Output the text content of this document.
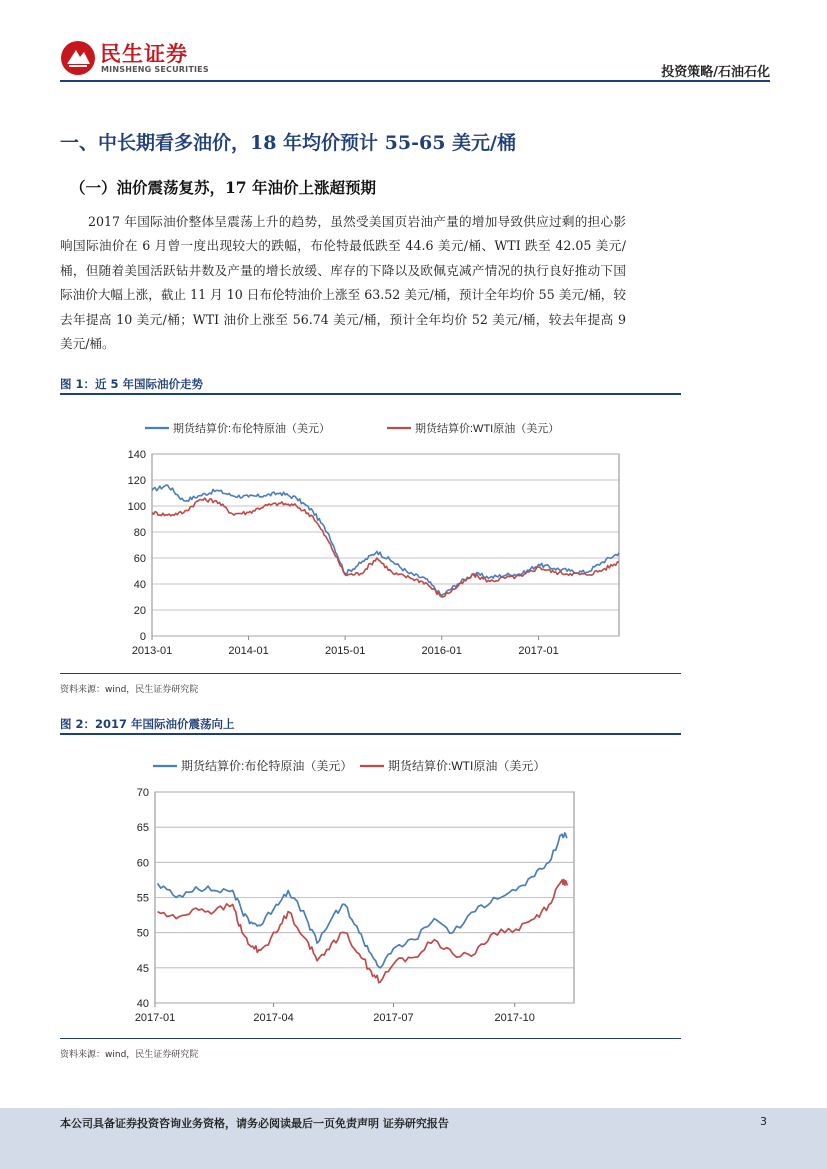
民生证券
MINSHENG SECURITIES	投资策略/石油石化
一、中长期看多油价，18 年均价预计 55-65 美元/桶
（一）油价震荡复苏，17 年油价上涨超预期

2017 年国际油价整体呈震荡上升的趋势，虽然受美国页岩油产量的增加导致供应过剩的担心影响国际油价在 6 月曾一度出现较大的跌幅，布伦特最低跌至 44.6 美元/桶、WTI 跌至 42.05 美元/桶，但随着美国活跃钻井数及产量的增长放缓、库存的下降以及欧佩克减产情况的执行良好推动下国际油价大幅上涨，截止 11 月 10 日布伦特油价上涨至 63.52 美元/桶，预计全年均价 55 美元/桶，较去年提高 10 美元/桶；WTI 油价上涨至 56.74 美元/桶，预计全年均价 52 美元/桶，较去年提高 9 美元/桶。

图 1：近 5 年国际油价走势
0
20
40
60
80
100
120
140
2013-01	2014-01	2015-01	2016-01	2017-01
期货结算价:布伦特原油（美元）	期货结算价:WTI原油（美元）
资料来源：wind，民生证券研究院
图 2：2017 年国际油价震荡向上
40
45
50
55
60
65
70
2017-01	2017-04	2017-07	2017-10
期货结算价:布伦特原油（美元）	期货结算价:WTI原油（美元）
资料来源：wind，民生证券研究院
本公司具备证券投资咨询业务资格，请务必阅读最后一页免责声明 证券研究报告	3
